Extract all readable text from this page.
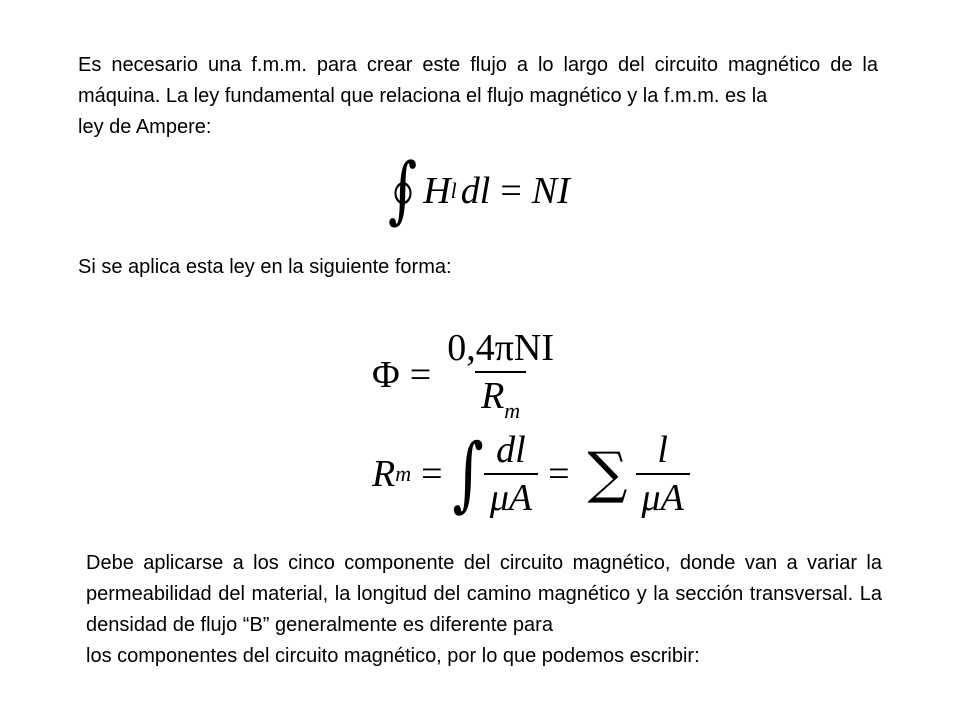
Es necesario una f.m.m. para crear este flujo a lo largo del circuito magnético de la máquina. La ley fundamental que relaciona el flujo magnético y la f.m.m. es la
ley de Ampere:

∫ H l dl = NI

Si se aplica esta ley en la siguiente forma:

$\Phi = \frac{\text{0,4πNI}}{R_m}$
R m = ∫ $\frac{dl}{\mu A}$ = ∑ $\frac{l}{\mu A}$

Debe aplicarse a los cinco componente del circuito magnético, donde van a variar la permeabilidad del material, la longitud del camino magnético y la sección transversal. La densidad de flujo “B” generalmente es diferente para
los componentes del circuito magnético, por lo que podemos escribir:
